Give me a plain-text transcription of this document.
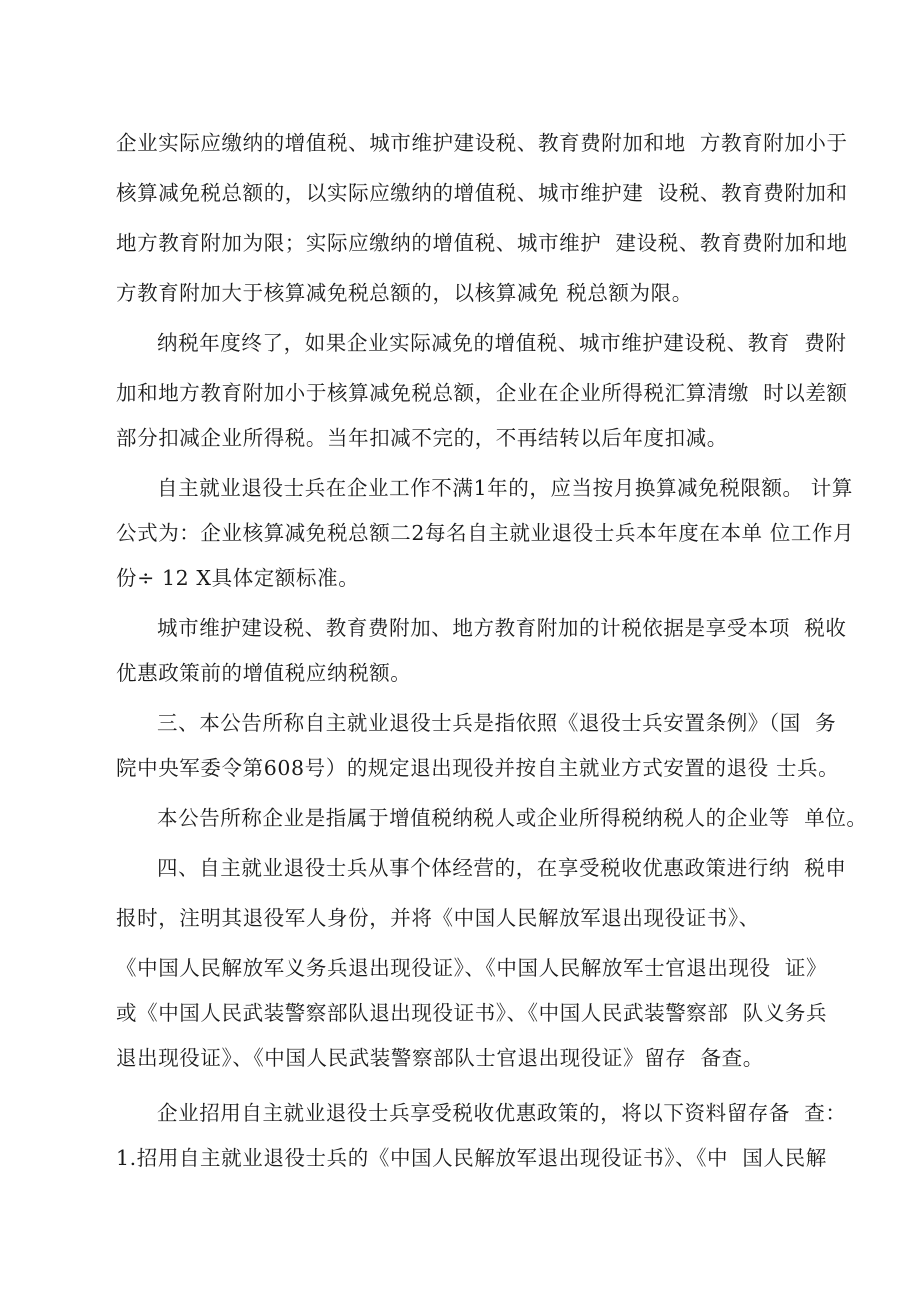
企业实际应缴纳的增值税、城市维护建设税、教育费附加和地  方教育附加小于
核算减免税总额的，以实际应缴纳的增值税、城市维护建  设税、教育费附加和
地方教育附加为限；实际应缴纳的增值税、城市维护  建设税、教育费附加和地
方教育附加大于核算减免税总额的，以核算减免 税总额为限。
纳税年度终了，如果企业实际减免的增值税、城市维护建设税、教育  费附
加和地方教育附加小于核算减免税总额，企业在企业所得税汇算清缴  时以差额
部分扣减企业所得税。当年扣减不完的，不再结转以后年度扣减。
自主就业退役士兵在企业工作不满1年的，应当按月换算减免税限额。 计算
公式为：企业核算减免税总额二2每名自主就业退役士兵本年度在本单 位工作月
份÷ 12 X具体定额标准。
城市维护建设税、教育费附加、地方教育附加的计税依据是享受本项  税收
优惠政策前的增值税应纳税额。
三、本公告所称自主就业退役士兵是指依照《退役士兵安置条例》（国  务
院中央军委令第608号）的规定退出现役并按自主就业方式安置的退役 士兵。
本公告所称企业是指属于增值税纳税人或企业所得税纳税人的企业等  单位。
四、自主就业退役士兵从事个体经营的，在享受税收优惠政策进行纳  税申
报时，注明其退役军人身份，并将《中国人民解放军退出现役证书》、
《中国人民解放军义务兵退出现役证》、《中国人民解放军士官退出现役  证》
或《中国人民武装警察部队退出现役证书》、《中国人民武装警察部  队义务兵
退出现役证》、《中国人民武装警察部队士官退出现役证》留存  备查。
企业招用自主就业退役士兵享受税收优惠政策的，将以下资料留存备  查：
1.招用自主就业退役士兵的《中国人民解放军退出现役证书》、《中  国人民解
